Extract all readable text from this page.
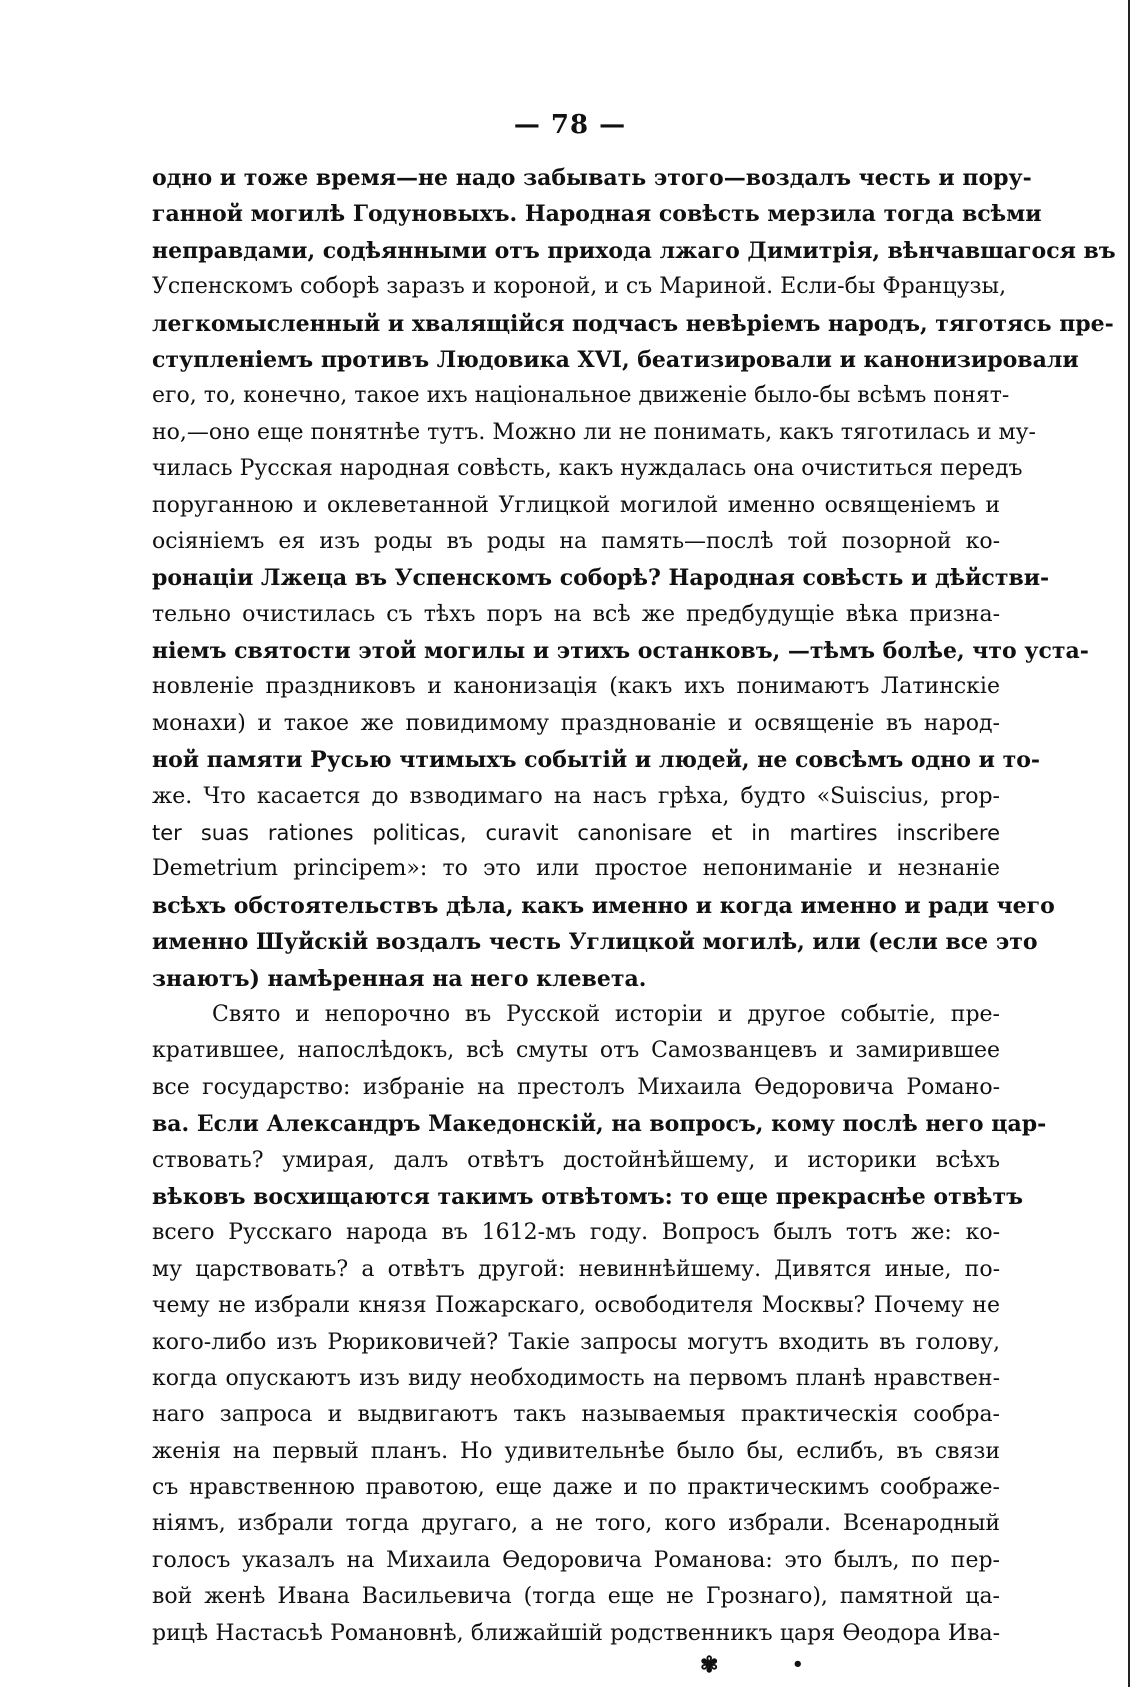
— 78 —
одно и тоже время—не надо забывать этого—воздалъ честь и пору-
ганной могилѣ Годуновыхъ. Народная совѣсть мерзила тогда всѣми
неправдами, содѣянными отъ прихода лжаго Димитрія, вѣнчавшагося въ
Успенскомъ соборѣ заразъ и короной, и съ Мариной. Если-бы Французы,
легкомысленный и хвалящійся подчасъ невѣріемъ народъ, тяготясь пре-
ступленіемъ противъ Людовика XVI, беатизировали и канонизировали
его, то, конечно, такое ихъ національное движеніе было-бы всѣмъ понят-
но,—оно еще понятнѣе тутъ. Можно ли не понимать, какъ тяготилась и му-
чилась Русская народная совѣсть, какъ нуждалась она очиститься передъ
поруганною и оклеветанной Углицкой могилой именно освященіемъ и
осіяніемъ ея изъ роды въ роды на память—послѣ той позорной ко-
ронаціи Лжеца въ Успенскомъ соборѣ? Народная совѣсть и дѣйстви-
тельно очистилась съ тѣхъ поръ на всѣ же предбудущіе вѣка призна-
ніемъ святости этой могилы и этихъ останковъ, —тѣмъ болѣе, что уста-
новленіе праздниковъ и канонизація (какъ ихъ понимаютъ Латинскіе
монахи) и такое же повидимому празднованіе и освященіе въ народ-
ной памяти Русью чтимыхъ событій и людей, не совсѣмъ одно и то-
же. Что касается до взводимаго на насъ грѣха, будто «Suiscius, prop-
ter suas rationes politicas, curavit canonisare et in martires inscribere
Demetrium principem»: то это или простое непониманіе и незнаніе
всѣхъ обстоятельствъ дѣла, какъ именно и когда именно и ради чего
именно Шуйскій воздалъ честь Углицкой могилѣ, или (если все это
знаютъ) намѣренная на него клевета.
Свято и непорочно въ Русской исторіи и другое событіе, пре-
кратившее, напослѣдокъ, всѣ смуты отъ Самозванцевъ и замирившее
все государство: избраніе на престолъ Михаила Ѳедоровича Романо-
ва. Если Александръ Македонскій, на вопросъ, кому послѣ него цар-
ствовать? умирая, далъ отвѣтъ достойнѣйшему, и историки всѣхъ
вѣковъ восхищаются такимъ отвѣтомъ: то еще прекраснѣе отвѣтъ
всего Русскаго народа въ 1612-мъ году. Вопросъ былъ тотъ же: ко-
му царствовать? а отвѣтъ другой: невиннѣйшему. Дивятся иные, по-
чему не избрали князя Пожарскаго, освободителя Москвы? Почему не
кого-либо изъ Рюриковичей? Такіе запросы могутъ входить въ голову,
когда опускаютъ изъ виду необходимость на первомъ планѣ нравствен-
наго запроса и выдвигаютъ такъ называемыя практическія сообра-
женія на первый планъ. Но удивительнѣе было бы, еслибъ, въ связи
съ нравственною правотою, еще даже и по практическимъ соображе-
ніямъ, избрали тогда другаго, а не того, кого избрали. Всенародный
голосъ указалъ на Михаила Ѳедоровича Романова: это былъ, по пер-
вой женѣ Ивана Васильевича (тогда еще не Грознаго), памятной ца-
рицѣ Настасьѣ Романовнѣ, ближайшій родственникъ царя Ѳеодора Ива-
✾	•
